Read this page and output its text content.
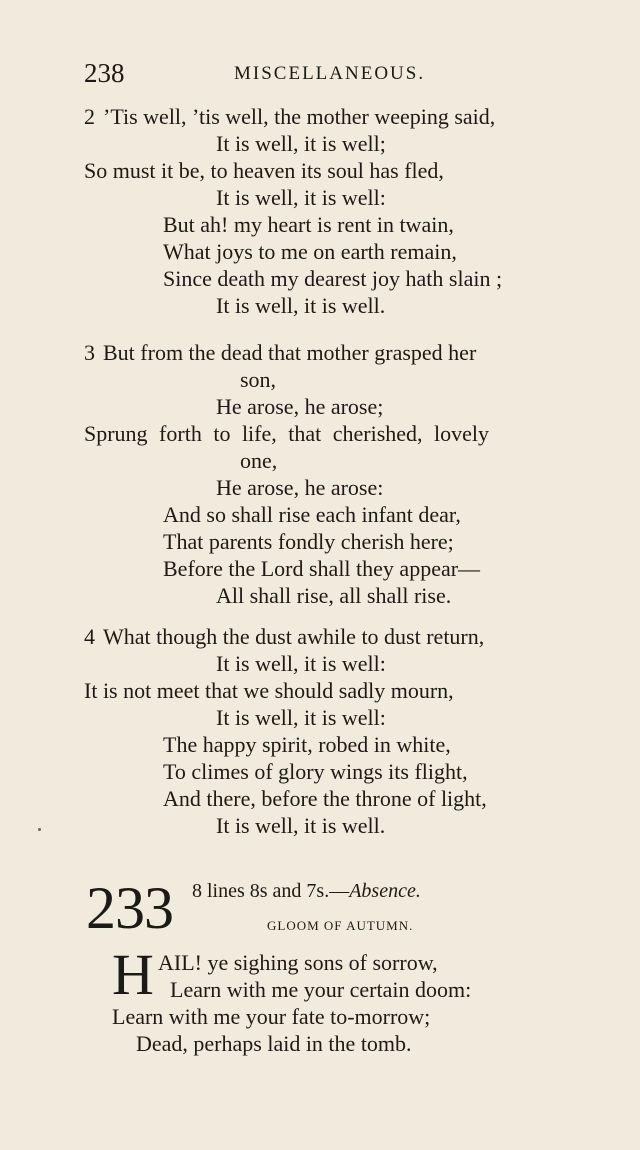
238	MISCELLANEOUS.
2 ’Tis well, ’tis well, the mother weeping said,
It is well, it is well;
So must it be, to heaven its soul has fled,
It is well, it is well:
But ah! my heart is rent in twain,
What joys to me on earth remain,
Since death my dearest joy hath slain ;
It is well, it is well.
3 But from the dead that mother grasped her
son,
He arose, he arose;
Sprung forth to life, that cherished, lovely
one,
He arose, he arose:
And so shall rise each infant dear,
That parents fondly cherish here;
Before the Lord shall they appear—
All shall rise, all shall rise.
4 What though the dust awhile to dust return,
It is well, it is well:
It is not meet that we should sadly mourn,
It is well, it is well:
The happy spirit, robed in white,
To climes of glory wings its flight,
And there, before the throne of light,
It is well, it is well.
233 8 lines 8s and 7s.—Absence.
GLOOM OF AUTUMN.
H AIL! ye sighing sons of sorrow,
Learn with me your certain doom:
Learn with me your fate to-morrow;
Dead, perhaps laid in the tomb.
